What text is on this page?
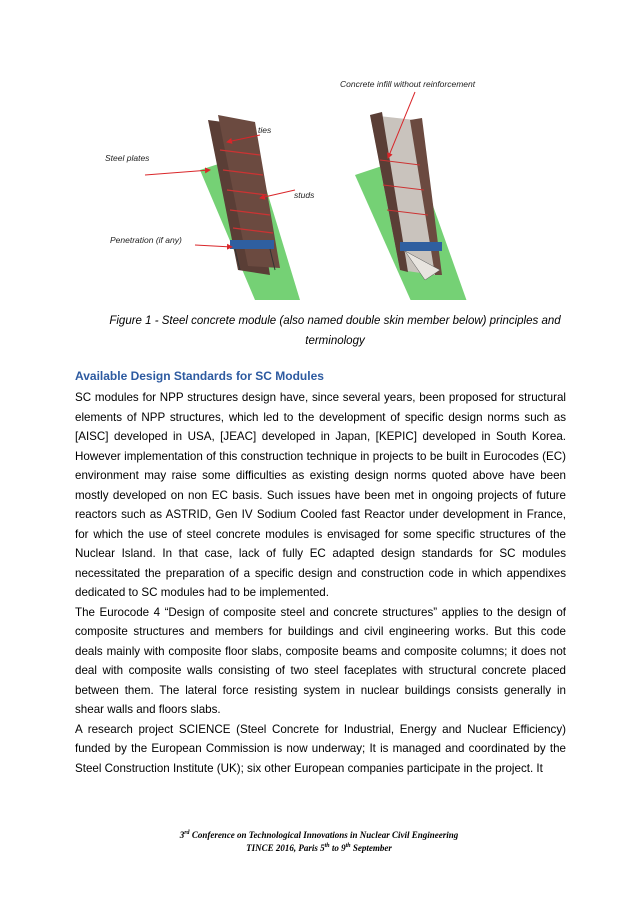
Concrete infill without reinforcement
ties
Steel plates
studs
Penetration (if any)
Figure 1 - Steel concrete module (also named double skin member below) principles and
terminology
Available Design Standards for SC Modules

SC modules for NPP structures design have, since several years, been proposed for structural elements of NPP structures, which led to the development of specific design norms such as [AISC] developed in USA, [JEAC] developed in Japan, [KEPIC] developed in South Korea. However implementation of this construction technique in projects to be built in Eurocodes (EC) environment may raise some difficulties as existing design norms quoted above have been mostly developed on non EC basis. Such issues have been met in ongoing projects of future reactors such as ASTRID, Gen IV Sodium Cooled fast Reactor under development in France, for which the use of steel concrete modules is envisaged for some specific structures of the Nuclear Island. In that case, lack of fully EC adapted design standards for SC modules necessitated the preparation of a specific design and construction code in which appendixes dedicated to SC modules had to be implemented.

The Eurocode 4 “Design of composite steel and concrete structures” applies to the design of composite structures and members for buildings and civil engineering works. But this code deals mainly with composite floor slabs, composite beams and composite columns; it does not deal with composite walls consisting of two steel faceplates with structural concrete placed between them. The lateral force resisting system in nuclear buildings consists generally in shear walls and floors slabs.

A research project SCIENCE (Steel Concrete for Industrial, Energy and Nuclear Efficiency) funded by the European Commission is now underway; It is managed and coordinated by the Steel Construction Institute (UK); six other European companies participate in the project. It

3rd Conference on Technological Innovations in Nuclear Civil Engineering
TINCE 2016, Paris 5th to 9th September
